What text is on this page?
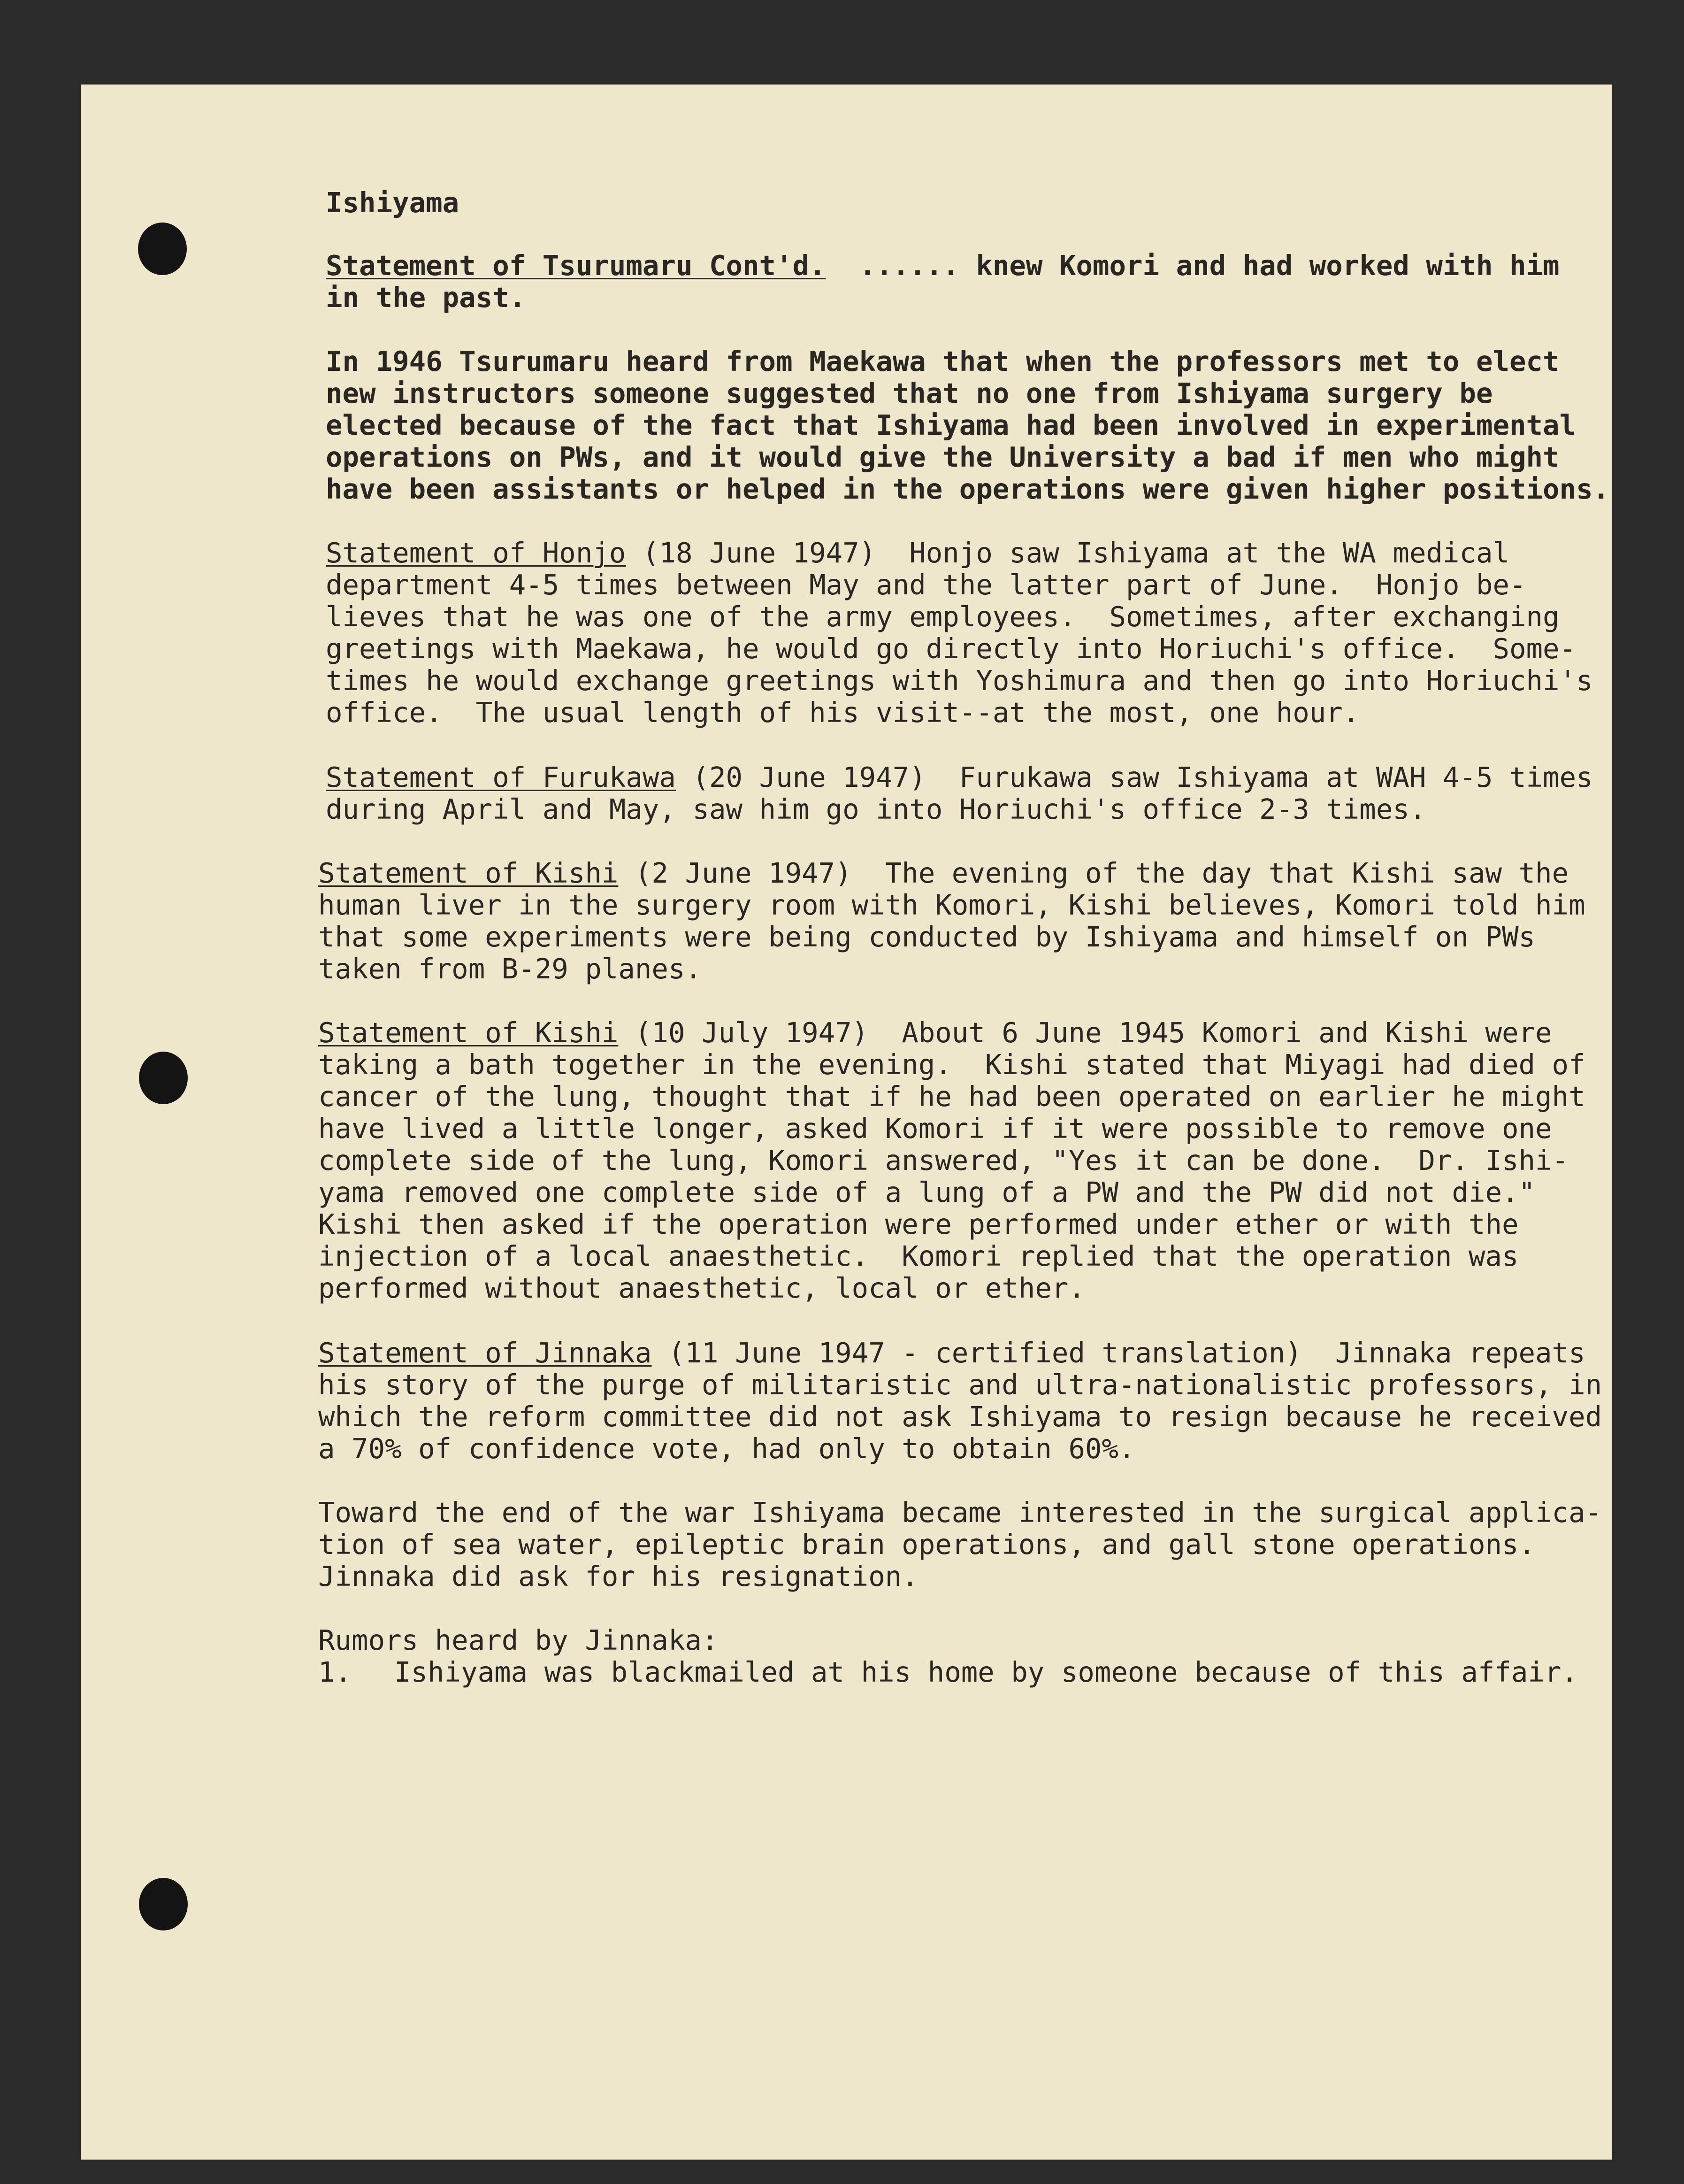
Ishiyama

Statement of Tsurumaru Cont'd.  ...... knew Komori and had worked with him

in the past.

In 1946 Tsurumaru heard from Maekawa that when the professors met to elect

new instructors someone suggested that no one from Ishiyama surgery be

elected because of the fact that Ishiyama had been involved in experimental

operations on PWs, and it would give the University a bad if men who might

have been assistants or helped in the operations were given higher positions.

Statement of Honjo (18 June 1947)  Honjo saw Ishiyama at the WA medical

department 4-5 times between May and the latter part of June.  Honjo be-

lieves that he was one of the army employees.  Sometimes, after exchanging

greetings with Maekawa, he would go directly into Horiuchi's office.  Some-

times he would exchange greetings with Yoshimura and then go into Horiuchi's

office.  The usual length of his visit--at the most, one hour.

Statement of Furukawa (20 June 1947)  Furukawa saw Ishiyama at WAH 4-5 times

during April and May, saw him go into Horiuchi's office 2-3 times.

Statement of Kishi (2 June 1947)  The evening of the day that Kishi saw the

human liver in the surgery room with Komori, Kishi believes, Komori told him

that some experiments were being conducted by Ishiyama and himself on PWs

taken from B-29 planes.

Statement of Kishi (10 July 1947)  About 6 June 1945 Komori and Kishi were

taking a bath together in the evening.  Kishi stated that Miyagi had died of

cancer of the lung, thought that if he had been operated on earlier he might

have lived a little longer, asked Komori if it were possible to remove one

complete side of the lung, Komori answered, "Yes it can be done.  Dr. Ishi-

yama removed one complete side of a lung of a PW and the PW did not die."

Kishi then asked if the operation were performed under ether or with the

injection of a local anaesthetic.  Komori replied that the operation was

performed without anaesthetic, local or ether.

Statement of Jinnaka (11 June 1947 - certified translation)  Jinnaka repeats

his story of the purge of militaristic and ultra-nationalistic professors, in

which the reform committee did not ask Ishiyama to resign because he received

a 70% of confidence vote, had only to obtain 60%.

Toward the end of the war Ishiyama became interested in the surgical applica-

tion of sea water, epileptic brain operations, and gall stone operations.

Jinnaka did ask for his resignation.

Rumors heard by Jinnaka:

1.

Ishiyama was blackmailed at his home by someone because of this affair.
